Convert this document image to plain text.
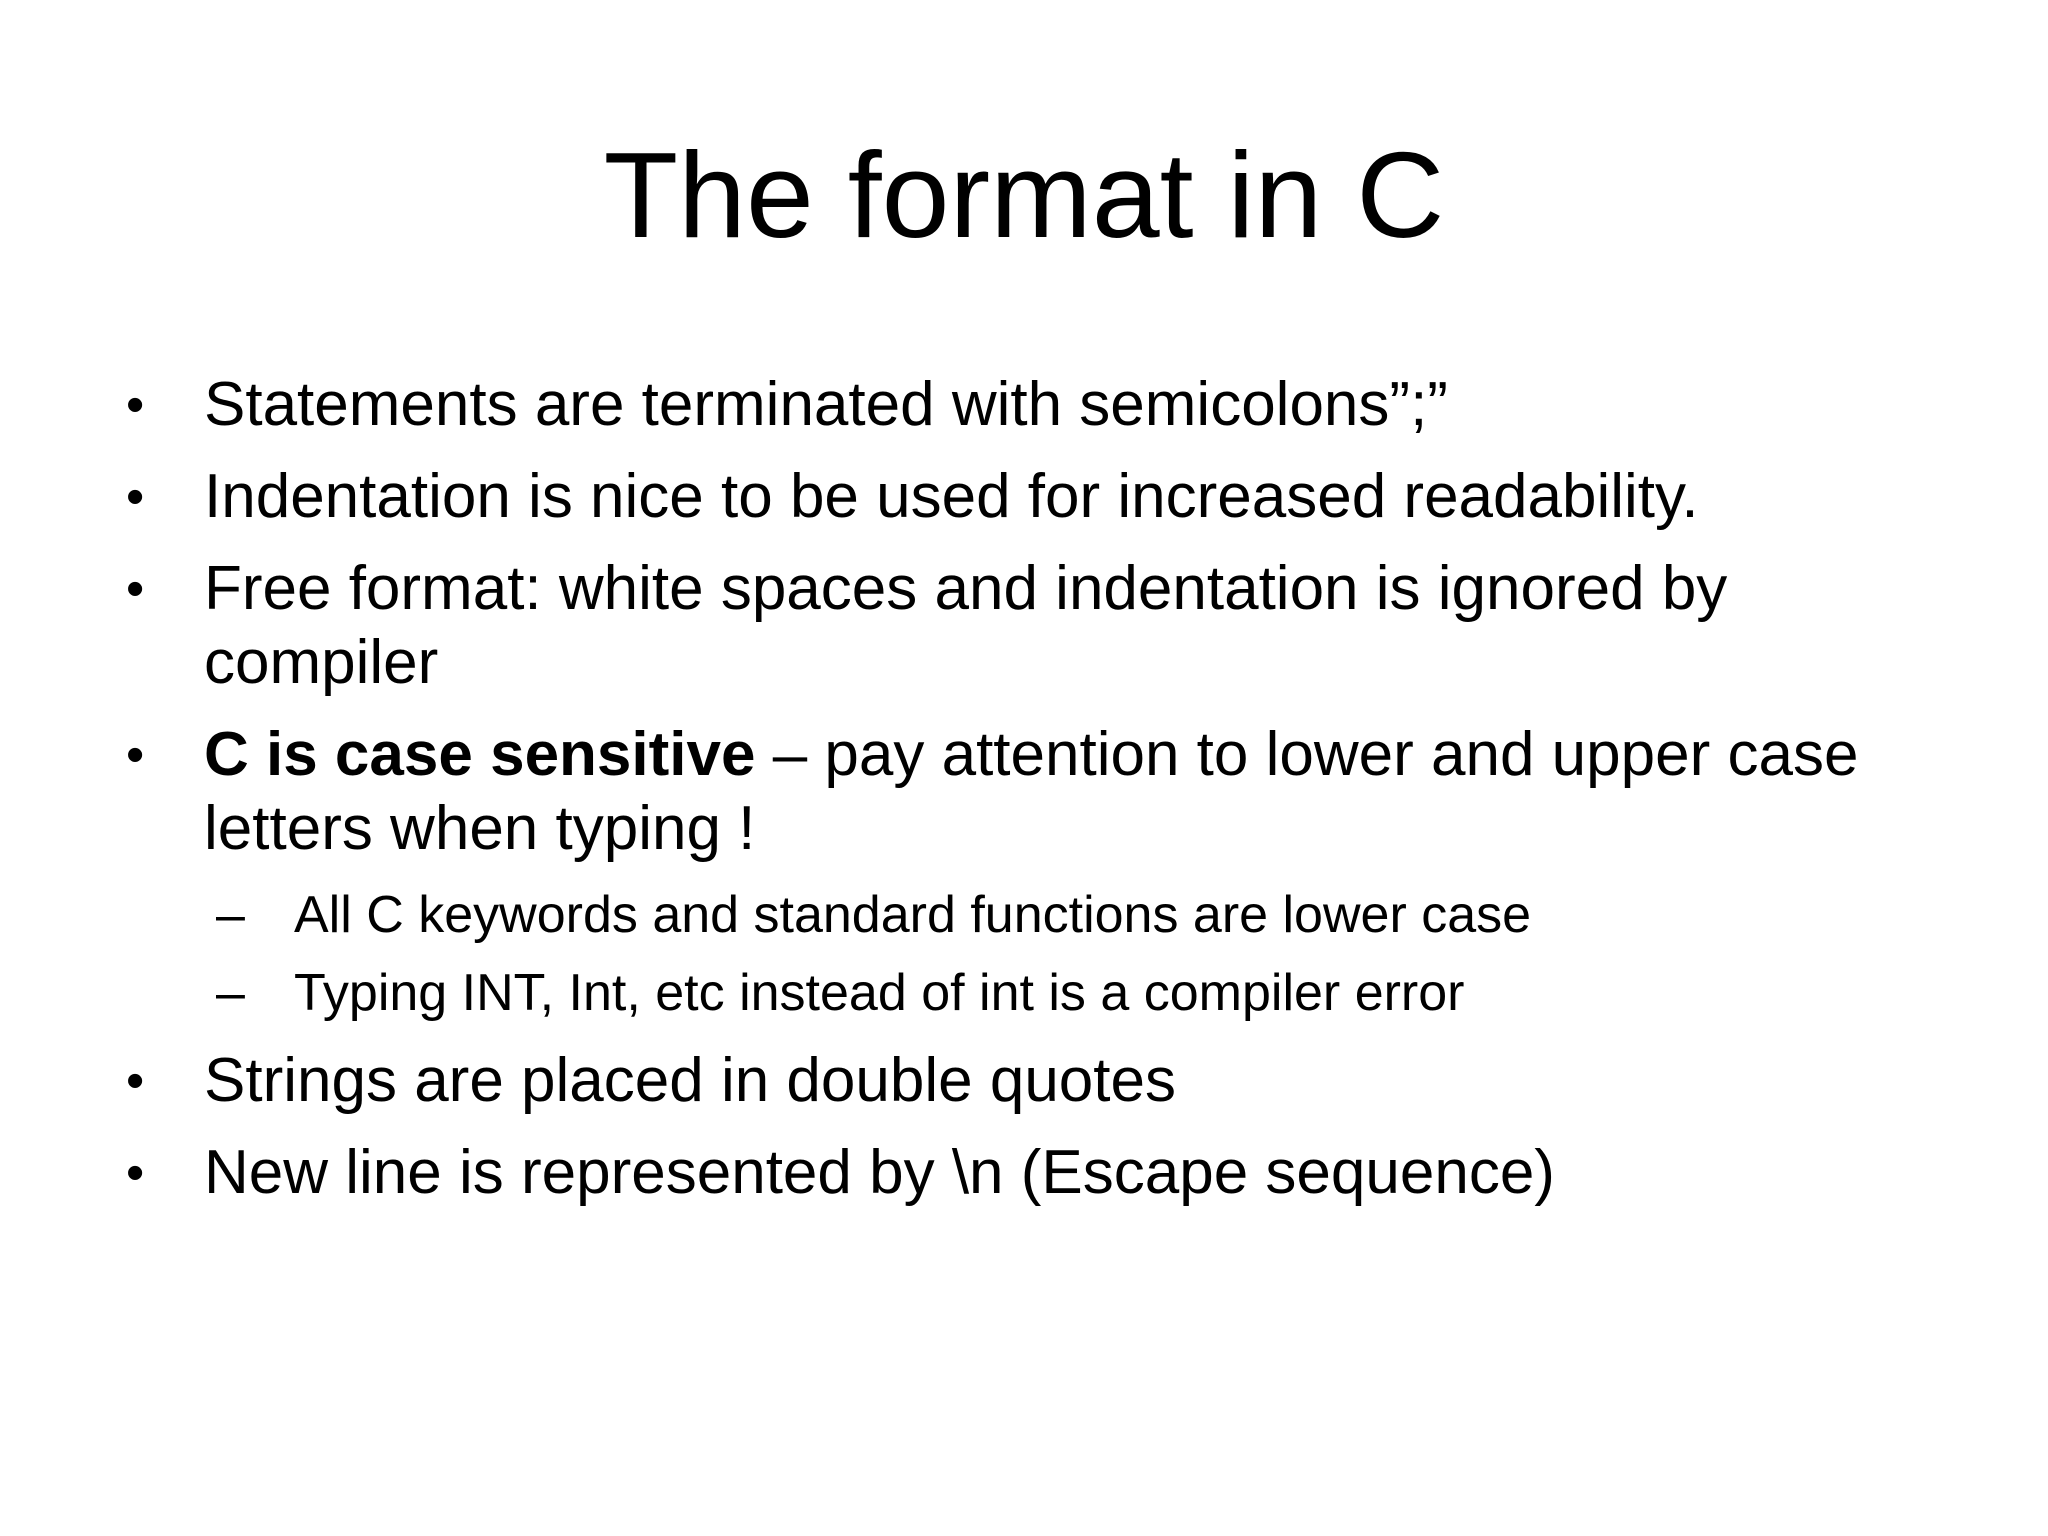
The format in C
• Statements are terminated with semicolons”;”
• Indentation is nice to be used for increased readability.
• Free format: white spaces and indentation is ignored by compiler
• C is case sensitive – pay attention to lower and upper case letters when typing !
– All C keywords and standard functions are lower case
– Typing INT, Int, etc instead of int is a compiler error
• Strings are placed in double quotes
• New line is represented by \n (Escape sequence)
